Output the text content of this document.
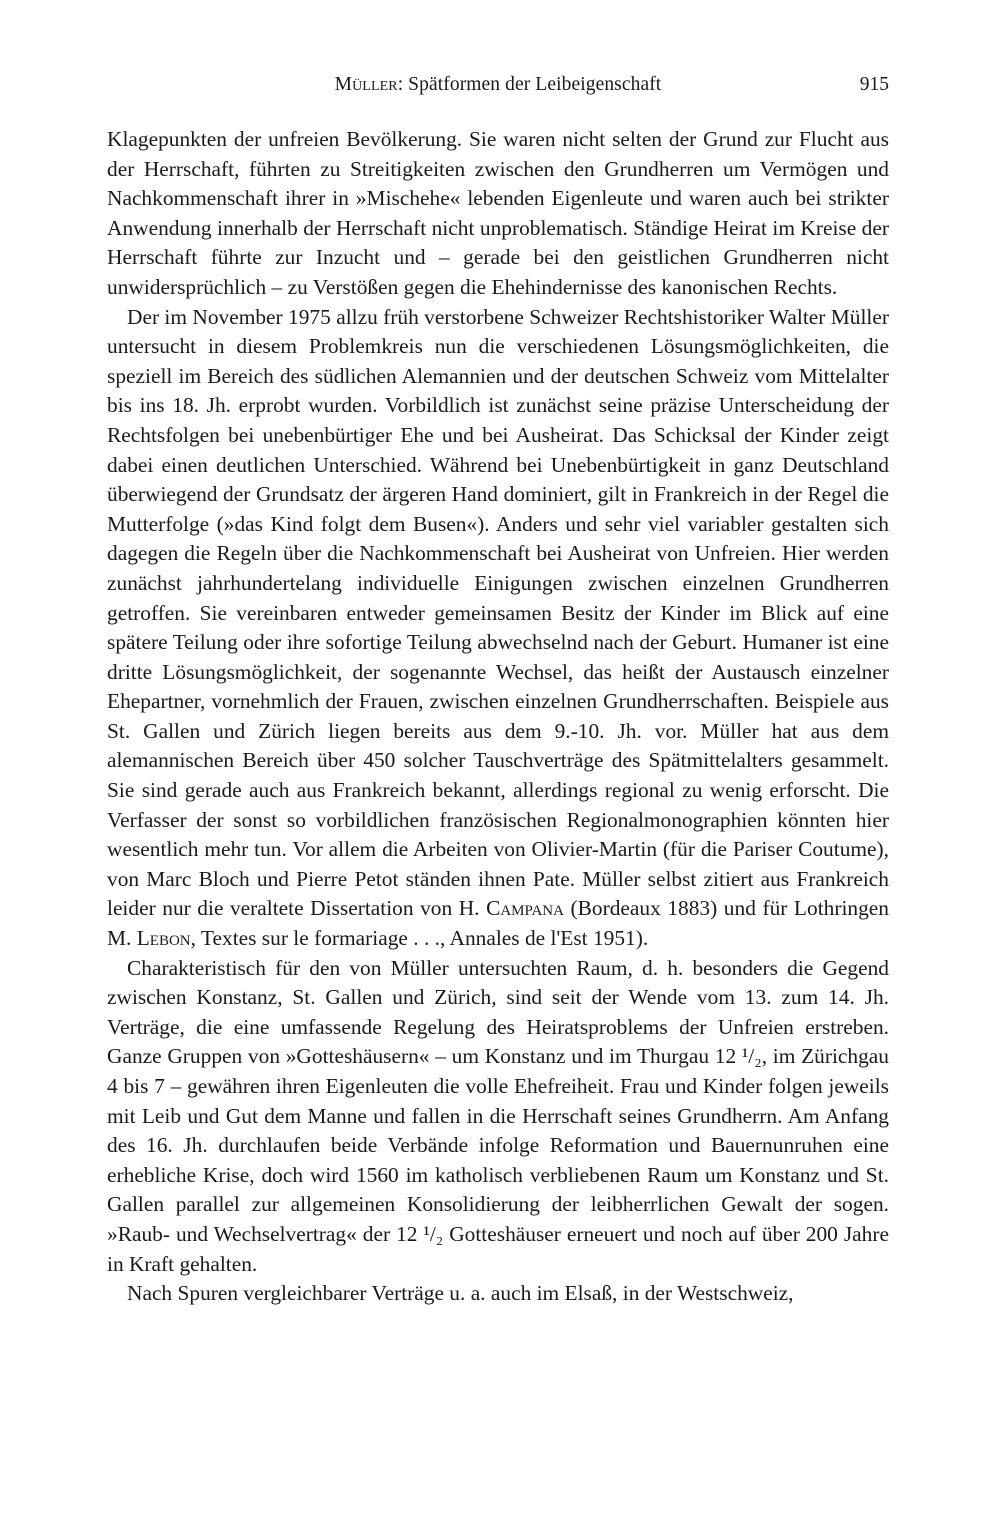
Müller: Spätformen der Leibeigenschaft	915

Klagepunkten der unfreien Bevölkerung. Sie waren nicht selten der Grund zur Flucht aus der Herrschaft, führten zu Streitigkeiten zwischen den Grundherren um Vermögen und Nachkommenschaft ihrer in »Mischehe« lebenden Eigenleute und waren auch bei strikter Anwendung innerhalb der Herrschaft nicht unproblematisch. Ständige Heirat im Kreise der Herrschaft führte zur Inzucht und – gerade bei den geistlichen Grundherren nicht unwidersprüchlich – zu Verstößen gegen die Ehehindernisse des kanonischen Rechts.

Der im November 1975 allzu früh verstorbene Schweizer Rechtshistoriker Walter Müller untersucht in diesem Problemkreis nun die verschiedenen Lösungsmöglichkeiten, die speziell im Bereich des südlichen Alemannien und der deutschen Schweiz vom Mittelalter bis ins 18. Jh. erprobt wurden. Vorbildlich ist zunächst seine präzise Unterscheidung der Rechtsfolgen bei unebenbürtiger Ehe und bei Ausheirat. Das Schicksal der Kinder zeigt dabei einen deutlichen Unterschied. Während bei Unebenbürtigkeit in ganz Deutschland überwiegend der Grundsatz der ärgeren Hand dominiert, gilt in Frankreich in der Regel die Mutterfolge (»das Kind folgt dem Busen«). Anders und sehr viel variabler gestalten sich dagegen die Regeln über die Nachkommenschaft bei Ausheirat von Unfreien. Hier werden zunächst jahrhundertelang individuelle Einigungen zwischen einzelnen Grundherren getroffen. Sie vereinbaren entweder gemeinsamen Besitz der Kinder im Blick auf eine spätere Teilung oder ihre sofortige Teilung abwechselnd nach der Geburt. Humaner ist eine dritte Lösungsmöglichkeit, der sogenannte Wechsel, das heißt der Austausch einzelner Ehepartner, vornehmlich der Frauen, zwischen einzelnen Grundherrschaften. Beispiele aus St. Gallen und Zürich liegen bereits aus dem 9.-10. Jh. vor. Müller hat aus dem alemannischen Bereich über 450 solcher Tauschverträge des Spätmittelalters gesammelt. Sie sind gerade auch aus Frankreich bekannt, allerdings regional zu wenig erforscht. Die Verfasser der sonst so vorbildlichen französischen Regionalmonographien könnten hier wesentlich mehr tun. Vor allem die Arbeiten von Olivier-Martin (für die Pariser Coutume), von Marc Bloch und Pierre Petot ständen ihnen Pate. Müller selbst zitiert aus Frankreich leider nur die veraltete Dissertation von H. Campana (Bordeaux 1883) und für Lothringen M. Lebon, Textes sur le formariage . . ., Annales de l'Est 1951).

Charakteristisch für den von Müller untersuchten Raum, d. h. besonders die Gegend zwischen Konstanz, St. Gallen und Zürich, sind seit der Wende vom 13. zum 14. Jh. Verträge, die eine umfassende Regelung des Heiratsproblems der Unfreien erstreben. Ganze Gruppen von »Gotteshäusern« – um Konstanz und im Thurgau 12 ¹/₂, im Zürichgau 4 bis 7 – gewähren ihren Eigenleuten die volle Ehefreiheit. Frau und Kinder folgen jeweils mit Leib und Gut dem Manne und fallen in die Herrschaft seines Grundherrn. Am Anfang des 16. Jh. durchlaufen beide Verbände infolge Reformation und Bauernunruhen eine erhebliche Krise, doch wird 1560 im katholisch verbliebenen Raum um Konstanz und St. Gallen parallel zur allgemeinen Konsolidierung der leibherrlichen Gewalt der sogen. »Raub- und Wechselvertrag« der 12 ¹/₂ Gotteshäuser erneuert und noch auf über 200 Jahre in Kraft gehalten.

Nach Spuren vergleichbarer Verträge u. a. auch im Elsaß, in der Westschweiz,
